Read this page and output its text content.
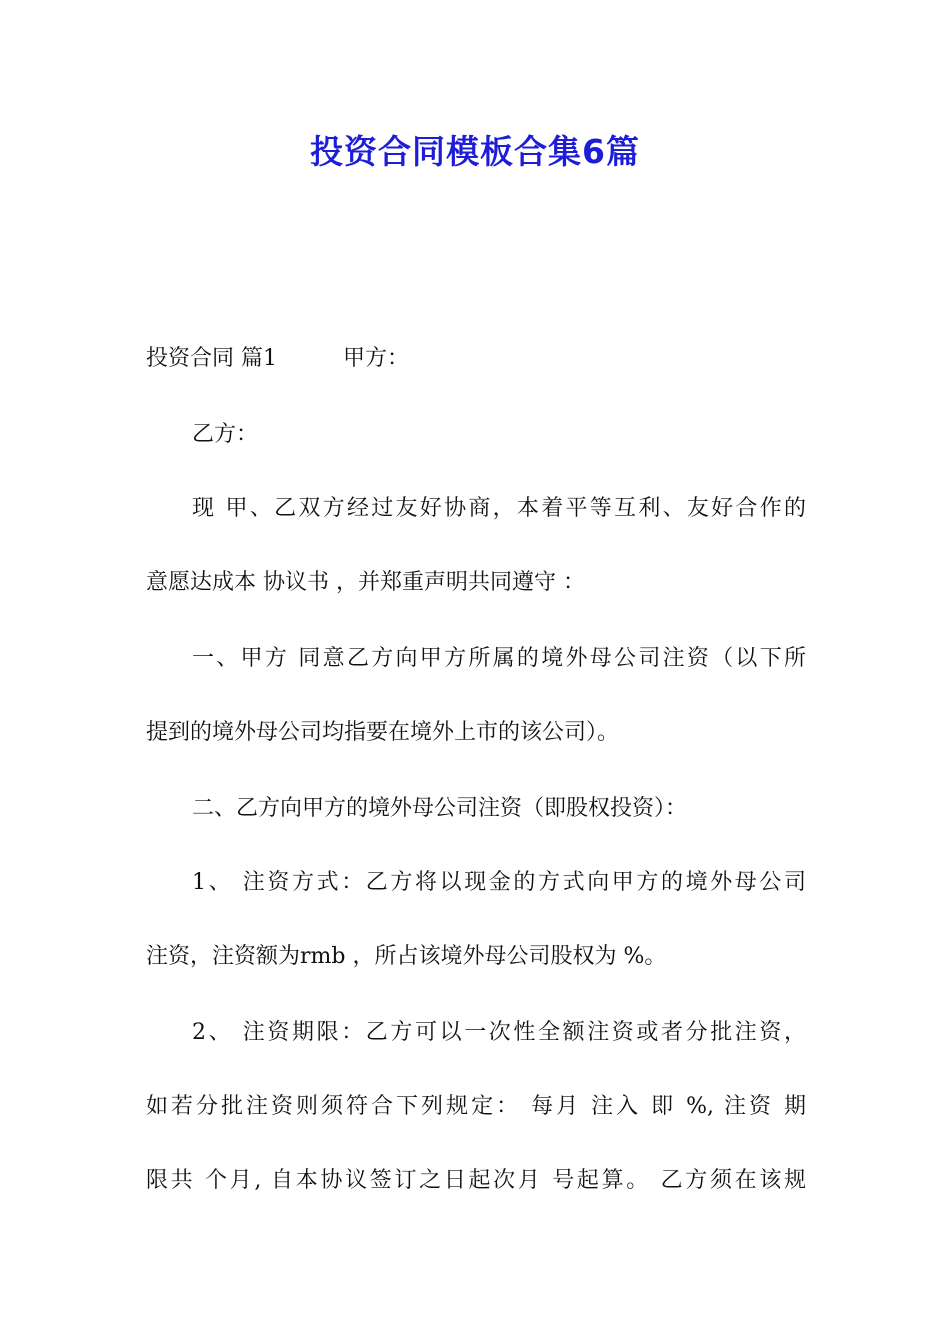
投资合同模板合集6篇

投资合同 篇1　　　甲方：

乙方：

现 甲、乙双方经过友好协商，本着平等互利、友好合作的

意愿达成本 协议书 ，并郑重声明共同遵守 ：

一、甲方 同意乙方向甲方所属的境外母公司注资（以下所

提到的境外母公司均指要在境外上市的该公司）。

二、乙方向甲方的境外母公司注资（即股权投资）：

1、 注资方式：乙方将以现金的方式向甲方的境外母公司

注资，注资额为rmb ，所占该境外母公司股权为 %。

2、 注资期限：乙方可以一次性全额注资或者分批注资，

如若分批注资则须符合下列规定： 每月 注入 即 %, 注资 期

限共 个月, 自本协议签订之日起次月 号起算。 乙方须在该规
